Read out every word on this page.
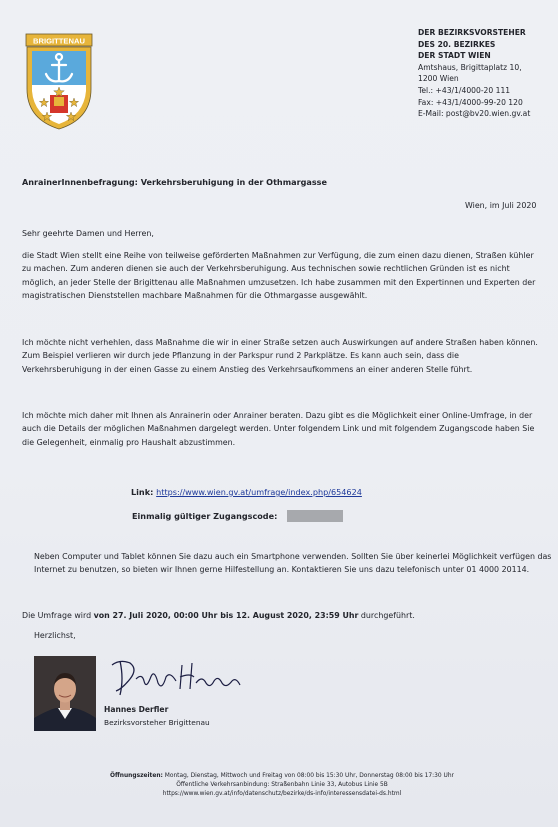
BRIGITTENAU
DER BEZIRKSVORSTEHER
DES 20. BEZIRKES
DER STADT WIEN
Amtshaus, Brigittaplatz 10,
1200 Wien
Tel.: +43/1/4000-20 111
Fax: +43/1/4000-99-20 120
E-Mail: post@bv20.wien.gv.at
AnrainerInnenbefragung: Verkehrsberuhigung in der Othmargasse
Wien, im Juli 2020

Sehr geehrte Damen und Herren,

die Stadt Wien stellt eine Reihe von teilweise geförderten Maßnahmen zur Verfügung, die zum einen dazu dienen, Straßen kühler zu machen. Zum anderen dienen sie auch der Verkehrsberuhigung. Aus technischen sowie rechtlichen Gründen ist es nicht möglich, an jeder Stelle der Brigittenau alle Maßnahmen umzusetzen. Ich habe zusammen mit den Expertinnen und Experten der magistratischen Dienststellen machbare Maßnahmen für die Othmargasse ausgewählt.

Ich möchte nicht verhehlen, dass Maßnahme die wir in einer Straße setzen auch Auswirkungen auf andere Straßen haben können. Zum Beispiel verlieren wir durch jede Pflanzung in der Parkspur rund 2 Parkplätze. Es kann auch sein, dass die Verkehrsberuhigung in der einen Gasse zu einem Anstieg des Verkehrsaufkommens an einer anderen Stelle führt.

Ich möchte mich daher mit Ihnen als Anrainerin oder Anrainer beraten. Dazu gibt es die Möglichkeit einer Online-Umfrage, in der auch die Details der möglichen Maßnahmen dargelegt werden. Unter folgendem Link und mit folgendem Zugangscode haben Sie die Gelegenheit, einmalig pro Haushalt abzustimmen.

Link: https://www.wien.gv.at/umfrage/index.php/654624
Einmalig gültiger Zugangscode:

Neben Computer und Tablet können Sie dazu auch ein Smartphone verwenden. Sollten Sie über keinerlei Möglichkeit verfügen das Internet zu benutzen, so bieten wir Ihnen gerne Hilfestellung an. Kontaktieren Sie uns dazu telefonisch unter 01 4000 20114.

Die Umfrage wird von 27. Juli 2020, 00:00 Uhr bis 12. August 2020, 23:59 Uhr durchgeführt.

Herzlichst,
Hannes Derfler
Bezirksvorsteher Brigittenau
Öffnungszeiten: Montag, Dienstag, Mittwoch und Freitag von 08:00 bis 15:30 Uhr, Donnerstag 08:00 bis 17:30 Uhr
Öffentliche Verkehrsanbindung: Straßenbahn Linie 33, Autobus Linie 5B
https://www.wien.gv.at/info/datenschutz/bezirke/ds-info/interessensdatei-ds.html
